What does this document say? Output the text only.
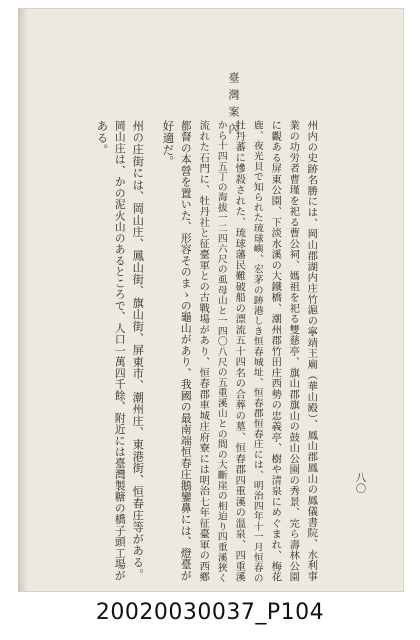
臺灣案內
八〇
州内の史跡名勝には、岡山郡湖内庄竹滬の寧靖王廟（華山殿）、鳳山郡鳳山の鳳儀書院、水利事
業の功労者曹瑾を祀る曹公祠、媽祖を祀る雙慈亭、旗山郡旗山の鼓山公園の秀景、完ら壽林公園
に觀ある屏東公園、下淡水溪の大鐵橋、潮州郡竹田庄西勢の忠義亭、樹や清泉にめぐまれ、梅花
鹿、夜光貝で知られた琉球嶼、宏茅の跡港しき恒春城址、恒春郡恒春庄には、明治四年十一月恒春の
牡丹蕃に慘殺された、琉球藩民難破船の漂流五十四名の合葬の墓、恒春郡四重溪の溫泉、四重溪
から十四五丁の海拔一二四六尺の虱母山と一四〇八尺の五重溪山との間の大斷崖の相迫り四重溪狹く
流れた石門に、牡丹社と征臺軍との古戰場があり、恒春郡車城庄府寮には明治七年征臺軍の西鄕
都督の本營を置いた、形容そのまゝの龜山があり、我國の最南端恒春庄鵝鑾鼻には、燈臺が
好適だ。
州の庄街には、岡山庄、鳳山街、旗山街、屏東市、潮州庄、東港街、恒春庄等がある。
岡山庄は、かの泥火山のあるところで、人口一萬四千餘、附近には臺灣製糖の橋子頭工場が
ある。
20020030037_P104
